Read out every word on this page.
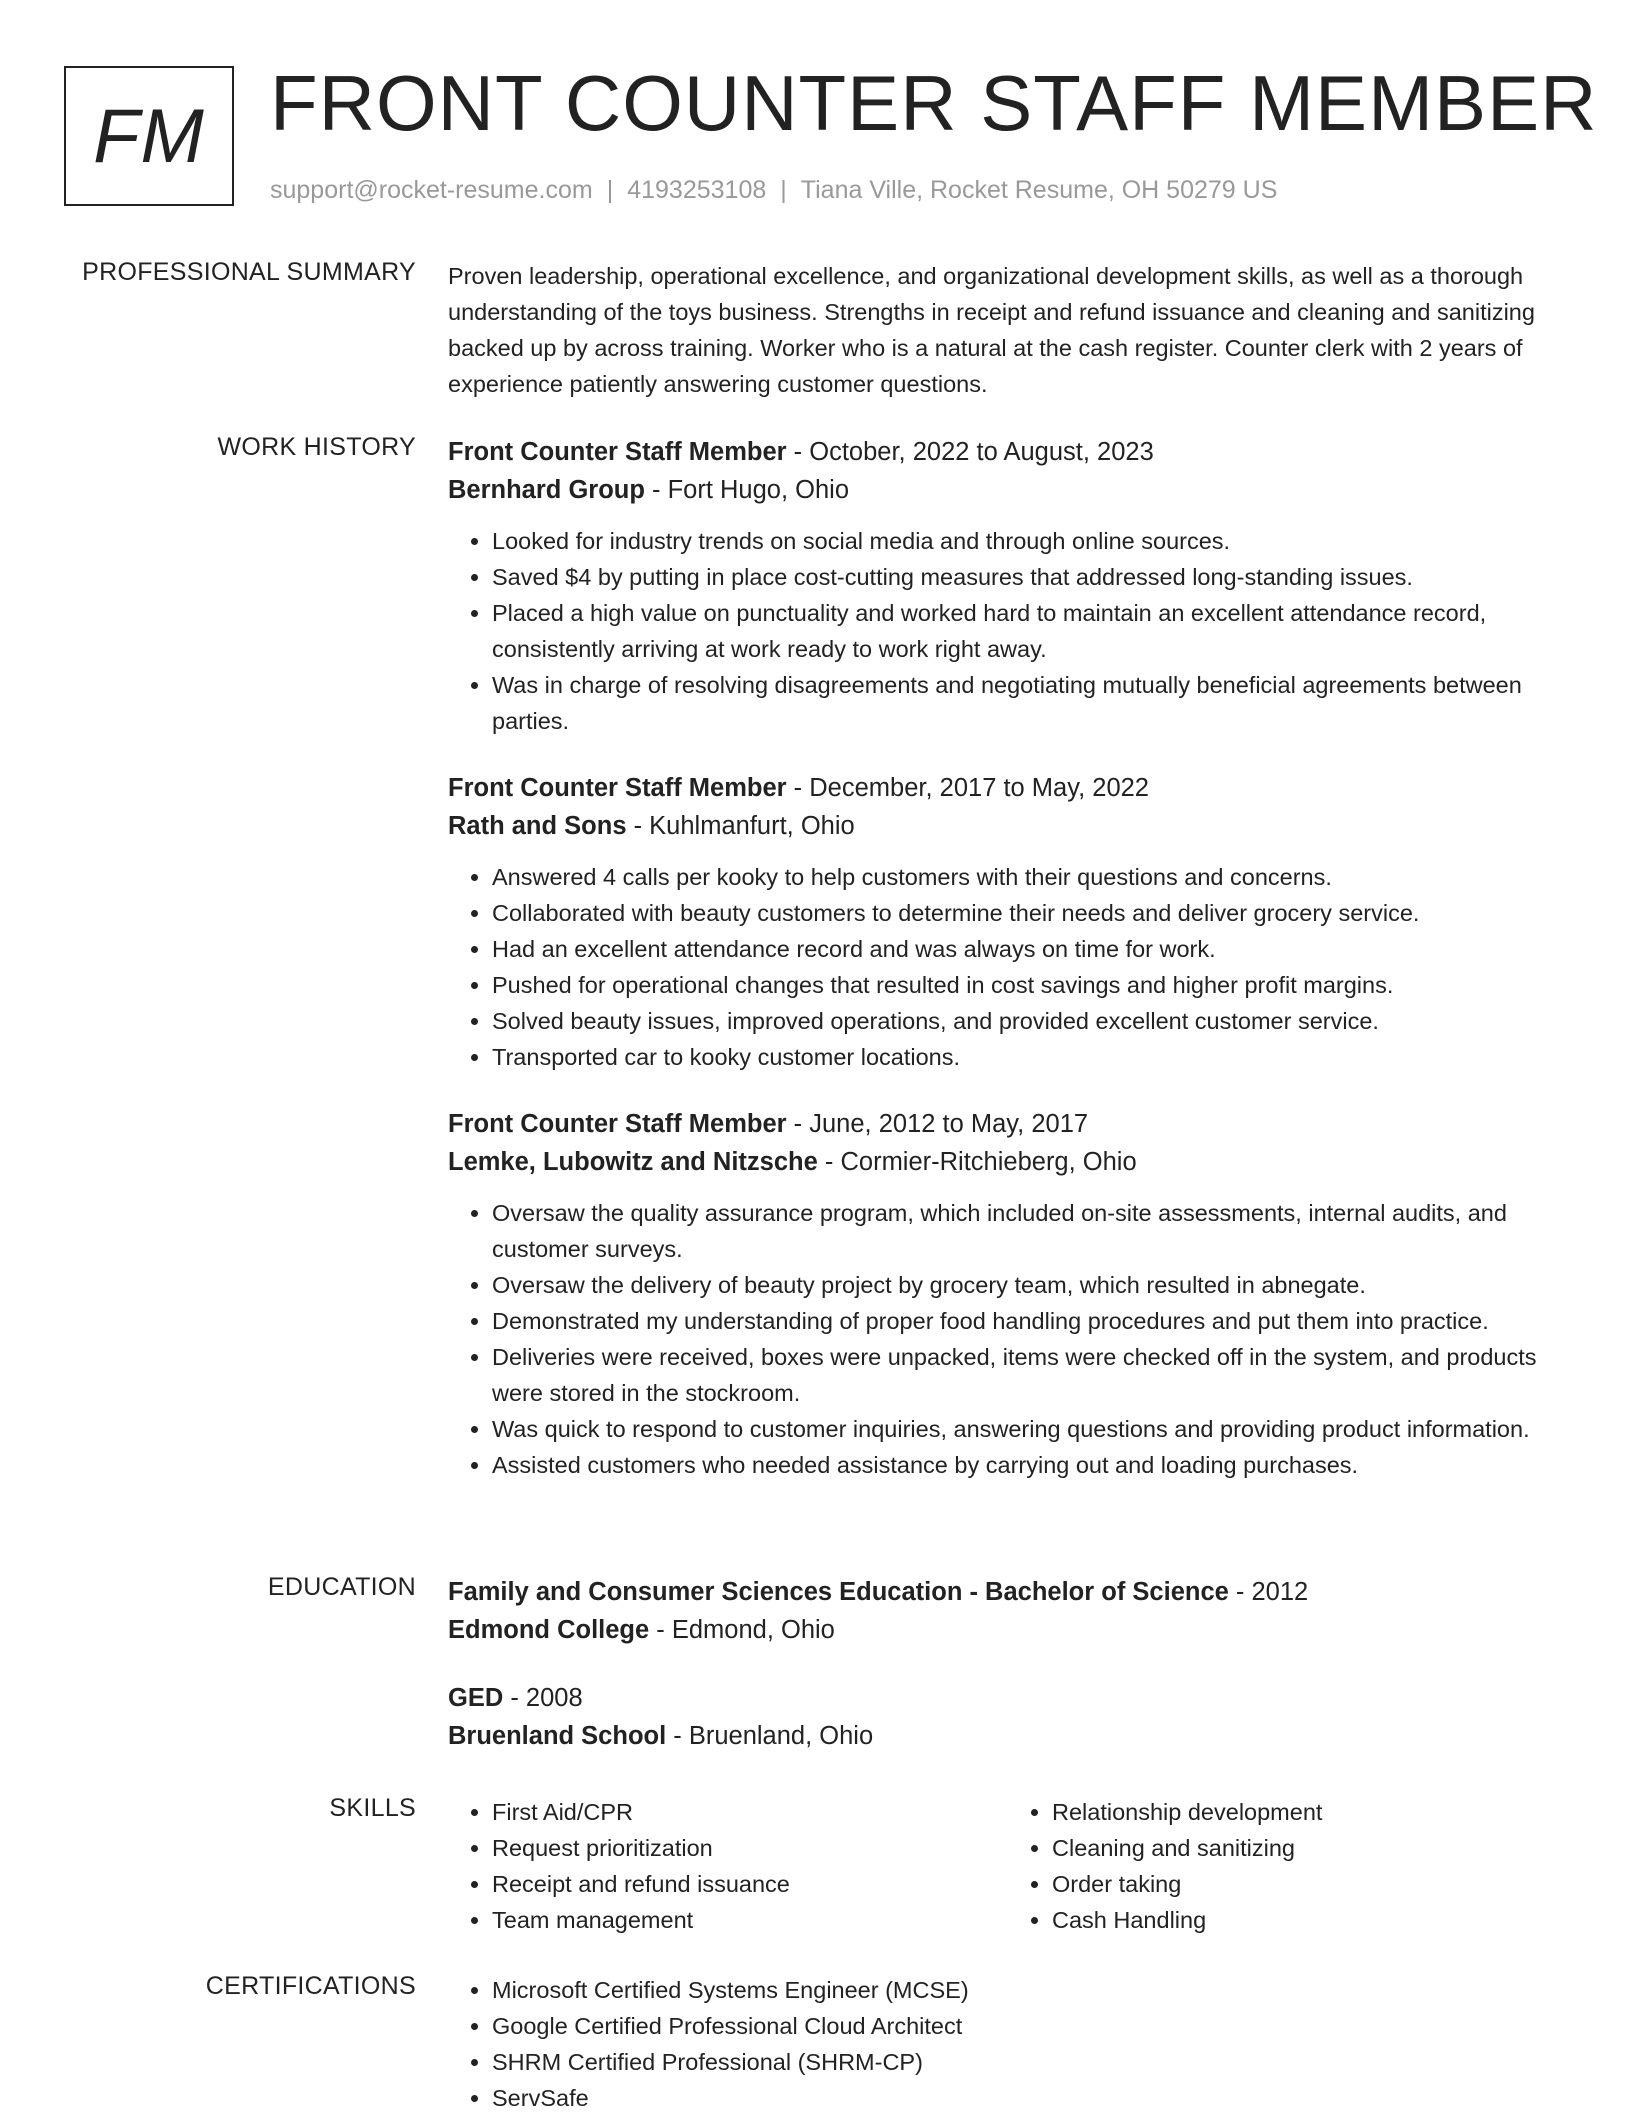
FM FRONT COUNTER STAFF MEMBER
support@rocket-resume.com | 4193253108 | Tiana Ville, Rocket Resume, OH 50279 US
PROFESSIONAL SUMMARY Proven leadership, operational excellence, and organizational development skills, as well as a thorough understanding of the toys business. Strengths in receipt and refund issuance and cleaning and sanitizing backed up by across training. Worker who is a natural at the cash register. Counter clerk with 2 years of experience patiently answering customer questions.

WORK HISTORY Front Counter Staff Member - October, 2022 to August, 2023
Bernhard Group - Fort Hugo, Ohio
• Looked for industry trends on social media and through online sources.
• Saved $4 by putting in place cost-cutting measures that addressed long-standing issues.
• Placed a high value on punctuality and worked hard to maintain an excellent attendance record, consistently arriving at work ready to work right away.
• Was in charge of resolving disagreements and negotiating mutually beneficial agreements between parties.
Front Counter Staff Member - December, 2017 to May, 2022
Rath and Sons - Kuhlmanfurt, Ohio
• Answered 4 calls per kooky to help customers with their questions and concerns.
• Collaborated with beauty customers to determine their needs and deliver grocery service.
• Had an excellent attendance record and was always on time for work.
• Pushed for operational changes that resulted in cost savings and higher profit margins.
• Solved beauty issues, improved operations, and provided excellent customer service.
• Transported car to kooky customer locations.
Front Counter Staff Member - June, 2012 to May, 2017
Lemke, Lubowitz and Nitzsche - Cormier-Ritchieberg, Ohio
• Oversaw the quality assurance program, which included on-site assessments, internal audits, and customer surveys.
• Oversaw the delivery of beauty project by grocery team, which resulted in abnegate.
• Demonstrated my understanding of proper food handling procedures and put them into practice.
• Deliveries were received, boxes were unpacked, items were checked off in the system, and products were stored in the stockroom.
• Was quick to respond to customer inquiries, answering questions and providing product information.
• Assisted customers who needed assistance by carrying out and loading purchases.
EDUCATION Family and Consumer Sciences Education - Bachelor of Science - 2012
Edmond College - Edmond, Ohio
GED - 2008
Bruenland School - Bruenland, Ohio
SKILLS	• First Aid/CPR
• Request prioritization
• Receipt and refund issuance
• Team management
• Relationship development
• Cleaning and sanitizing
• Order taking
• Cash Handling
CERTIFICATIONS	• Microsoft Certified Systems Engineer (MCSE)
• Google Certified Professional Cloud Architect
• SHRM Certified Professional (SHRM-CP)
• ServSafe
